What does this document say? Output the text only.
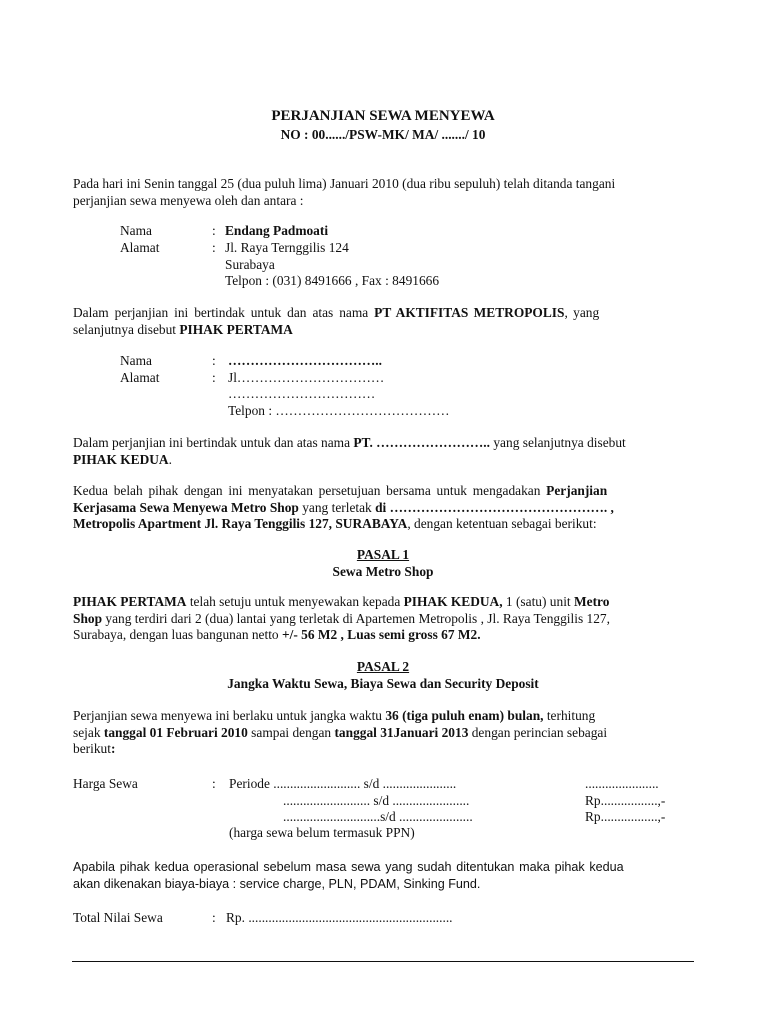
PERJANJIAN SEWA MENYEWA
NO : 00....../PSW-MK/ MA/ ......./ 10
Pada hari ini Senin tanggal 25 (dua puluh lima) Januari 2010 (dua ribu sepuluh) telah ditanda tangani
perjanjian sewa menyewa oleh dan antara :
Nama	: Endang Padmoati
Alamat	: Jl. Raya Ternggilis 124
Surabaya
Telpon : (031) 8491666 , Fax : 8491666
Dalam perjanjian ini bertindak untuk dan atas nama PT AKTIFITAS METROPOLIS, yang
selanjutnya disebut PIHAK PERTAMA
Nama	: ……………………………..
Alamat	: Jl……………………………
……………………………
Telpon : …………………………………
Dalam perjanjian ini bertindak untuk dan atas nama PT. …………………….. yang selanjutnya disebut
PIHAK KEDUA.
Kedua belah pihak dengan ini menyatakan persetujuan bersama untuk mengadakan Perjanjian
Kerjasama Sewa Menyewa Metro Shop yang terletak di …………………………………………. ,
Metropolis Apartment Jl. Raya Tenggilis 127, SURABAYA, dengan ketentuan sebagai berikut:
PASAL 1
Sewa Metro Shop
PIHAK PERTAMA telah setuju untuk menyewakan kepada PIHAK KEDUA, 1 (satu) unit Metro
Shop yang terdiri dari 2 (dua) lantai yang terletak di Apartemen Metropolis , Jl. Raya Tenggilis 127,
Surabaya, dengan luas bangunan netto +/- 56 M2 , Luas semi gross 67 M2.
PASAL 2
Jangka Waktu Sewa, Biaya Sewa dan Security Deposit
Perjanjian sewa menyewa ini berlaku untuk jangka waktu 36 (tiga puluh enam) bulan, terhitung
sejak tanggal 01 Februari 2010 sampai dengan tanggal 31Januari 2013 dengan perincian sebagai
berikut:
Harga Sewa	: Periode .......................... s/d ......................	......................
.......................... s/d .......................	Rp.................,-
.............................s/d ......................	Rp.................,-
(harga sewa belum termasuk PPN)
Apabila pihak kedua operasional sebelum masa sewa yang sudah ditentukan maka pihak kedua
akan dikenakan biaya-biaya : service charge, PLN, PDAM, Sinking Fund.
Total Nilai Sewa	: Rp. .............................................................
